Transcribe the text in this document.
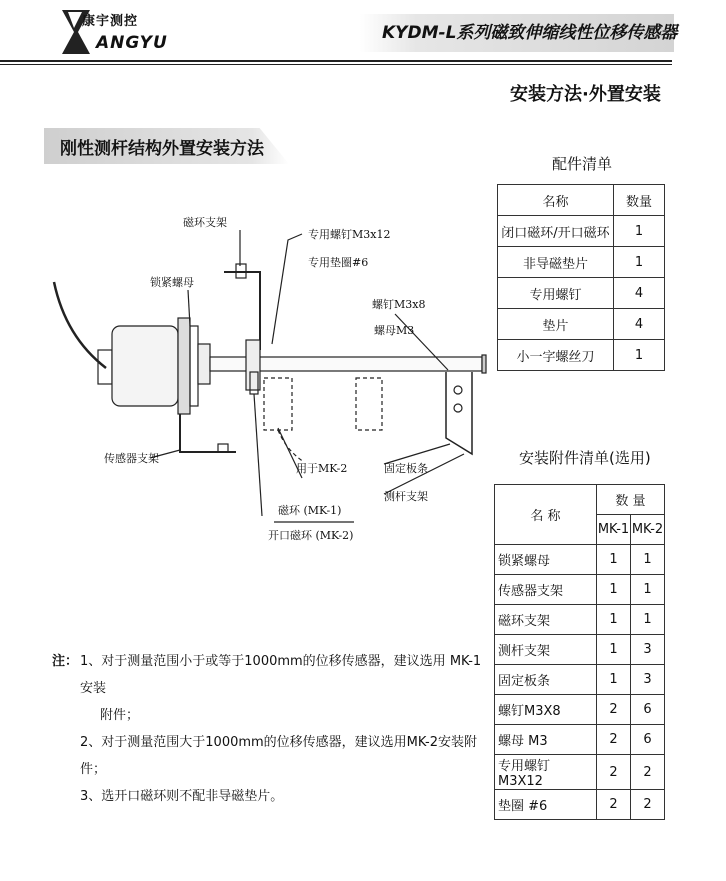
康宇测控
ANGYU	KYDM-L系列磁致伸缩线性位移传感器
安装方法·外置安装
刚性测杆结构外置安装方法
磁环支架
锁紧螺母
专用螺钉M3x12
专用垫圈#6
螺钉M3x8
螺母M3
传感器支架
用于MK-2	固定板条
测杆支架
磁环 (MK-1)
开口磁环 (MK-2)
配件清单
名称	数量
闭口磁环/开口磁环	1
非导磁垫片	1
专用螺钉	4
垫片	4
小一字螺丝刀	1
安装附件清单(选用)
名 称	数 量	
	MK-1	MK-2
锁紧螺母	1	1
传感器支架	1	1
磁环支架	1	1
测杆支架	1	3
固定板条	1	3
螺钉M3X8	2	6
螺母 M3	2	6
专用螺钉 M3X12	2	2
垫圈 #6	2	2
注： 1、对于测量范围小于或等于1000mm的位移传感器，建议选用 MK-1安装
附件；
2、对于测量范围大于1000mm的位移传感器，建议选用MK-2安装附件；
3、选开口磁环则不配非导磁垫片。
